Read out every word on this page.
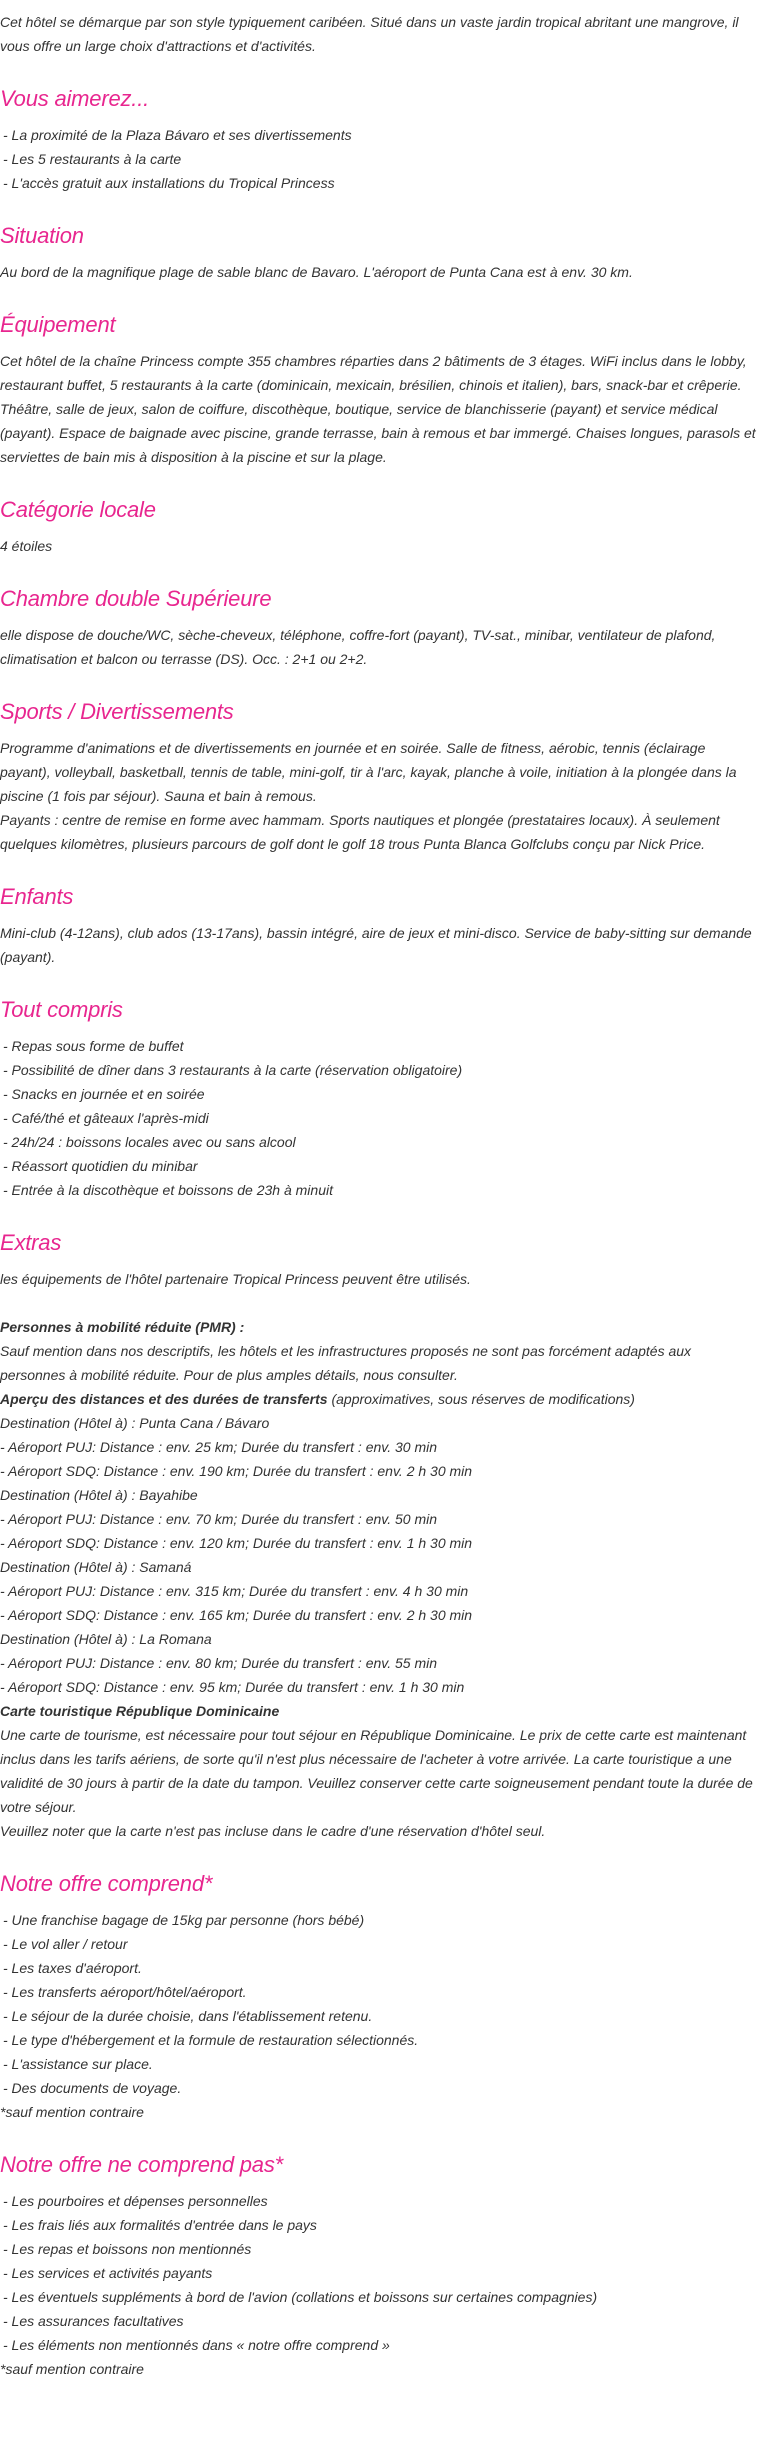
Cet hôtel se démarque par son style typiquement caribéen. Situé dans un vaste jardin tropical abritant une mangrove, il vous offre un large choix d'attractions et d'activités.

Vous aimerez...
- La proximité de la Plaza Bávaro et ses divertissements
- Les 5 restaurants à la carte
- L'accès gratuit aux installations du Tropical Princess
Situation

Au bord de la magnifique plage de sable blanc de Bavaro. L'aéroport de Punta Cana est à env. 30 km.

Équipement

Cet hôtel de la chaîne Princess compte 355 chambres réparties dans 2 bâtiments de 3 étages. WiFi inclus dans le lobby, restaurant buffet, 5 restaurants à la carte (dominicain, mexicain, brésilien, chinois et italien), bars, snack-bar et crêperie. Théâtre, salle de jeux, salon de coiffure, discothèque, boutique, service de blanchisserie (payant) et service médical (payant). Espace de baignade avec piscine, grande terrasse, bain à remous et bar immergé. Chaises longues, parasols et serviettes de bain mis à disposition à la piscine et sur la plage.

Catégorie locale

4 étoiles

Chambre double Supérieure

elle dispose de douche/WC, sèche-cheveux, téléphone, coffre-fort (payant), TV-sat., minibar, ventilateur de plafond, climatisation et balcon ou terrasse (DS). Occ. : 2+1 ou 2+2.

Sports / Divertissements

Programme d'animations et de divertissements en journée et en soirée. Salle de fitness, aérobic, tennis (éclairage payant), volleyball, basketball, tennis de table, mini-golf, tir à l'arc, kayak, planche à voile, initiation à la plongée dans la piscine (1 fois par séjour). Sauna et bain à remous.

Payants : centre de remise en forme avec hammam. Sports nautiques et plongée (prestataires locaux). À seulement quelques kilomètres, plusieurs parcours de golf dont le golf 18 trous Punta Blanca Golfclubs conçu par Nick Price.

Enfants

Mini-club (4-12ans), club ados (13-17ans), bassin intégré, aire de jeux et mini-disco. Service de baby-sitting sur demande (payant).

Tout compris
- Repas sous forme de buffet
- Possibilité de dîner dans 3 restaurants à la carte (réservation obligatoire)
- Snacks en journée et en soirée
- Café/thé et gâteaux l'après-midi
- 24h/24 : boissons locales avec ou sans alcool
- Réassort quotidien du minibar
- Entrée à la discothèque et boissons de 23h à minuit
Extras

les équipements de l'hôtel partenaire Tropical Princess peuvent être utilisés.

Personnes à mobilité réduite (PMR) :

Sauf mention dans nos descriptifs, les hôtels et les infrastructures proposés ne sont pas forcément adaptés aux personnes à mobilité réduite. Pour de plus amples détails, nous consulter.

Aperçu des distances et des durées de transferts (approximatives, sous réserves de modifications)

Destination (Hôtel à) : Punta Cana / Bávaro

- Aéroport PUJ: Distance : env. 25 km; Durée du transfert : env. 30 min

- Aéroport SDQ: Distance : env. 190 km; Durée du transfert : env. 2 h 30 min

Destination (Hôtel à) : Bayahibe

- Aéroport PUJ: Distance : env. 70 km; Durée du transfert : env. 50 min

- Aéroport SDQ: Distance : env. 120 km; Durée du transfert : env. 1 h 30 min

Destination (Hôtel à) : Samaná

- Aéroport PUJ: Distance : env. 315 km; Durée du transfert : env. 4 h 30 min

- Aéroport SDQ: Distance : env. 165 km; Durée du transfert : env. 2 h 30 min

Destination (Hôtel à) : La Romana

- Aéroport PUJ: Distance : env. 80 km; Durée du transfert : env. 55 min

- Aéroport SDQ: Distance : env. 95 km; Durée du transfert : env. 1 h 30 min

Carte touristique République Dominicaine

Une carte de tourisme, est nécessaire pour tout séjour en République Dominicaine. Le prix de cette carte est maintenant inclus dans les tarifs aériens, de sorte qu'il n'est plus nécessaire de l'acheter à votre arrivée. La carte touristique a une validité de 30 jours à partir de la date du tampon. Veuillez conserver cette carte soigneusement pendant toute la durée de votre séjour.

Veuillez noter que la carte n'est pas incluse dans le cadre d'une réservation d'hôtel seul.

Notre offre comprend*
- Une franchise bagage de 15kg par personne (hors bébé)
- Le vol aller / retour
- Les taxes d'aéroport.
- Les transferts aéroport/hôtel/aéroport.
- Le séjour de la durée choisie, dans l'établissement retenu.
- Le type d'hébergement et la formule de restauration sélectionnés.
- L'assistance sur place.
- Des documents de voyage.

*sauf mention contraire

Notre offre ne comprend pas*
- Les pourboires et dépenses personnelles
- Les frais liés aux formalités d'entrée dans le pays
- Les repas et boissons non mentionnés
- Les services et activités payants
- Les éventuels suppléments à bord de l'avion (collations et boissons sur certaines compagnies)
- Les assurances facultatives
- Les éléments non mentionnés dans « notre offre comprend »

*sauf mention contraire
